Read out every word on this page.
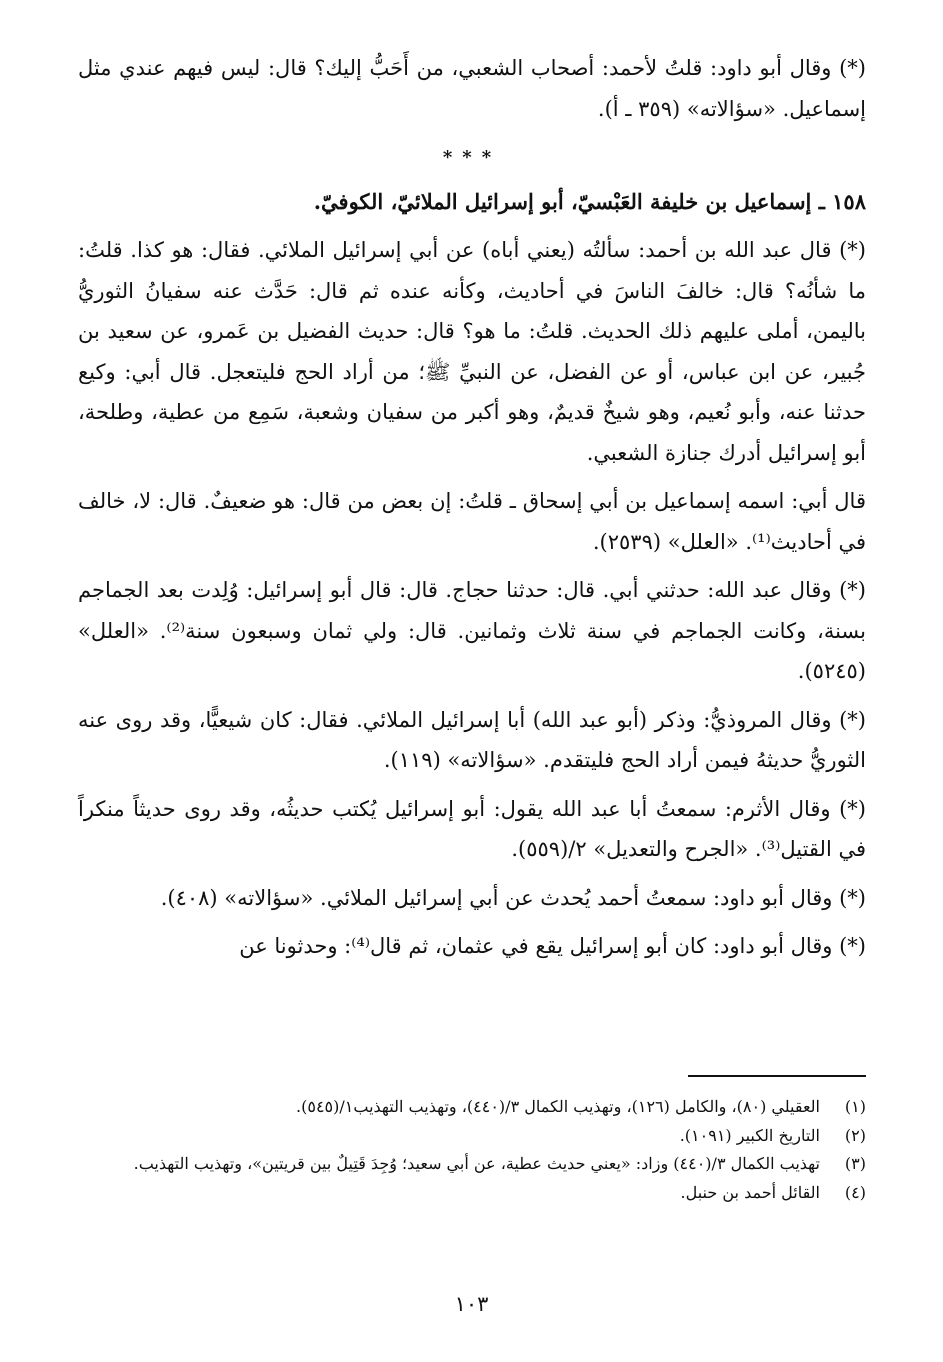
(*) وقال أبو داود: قلتُ لأحمد: أصحاب الشعبي، من أَحَبُّ إليك؟ قال: ليس فيهم عندي مثل إسماعيل. «سؤالاته» (٣٥٩ ـ أ).

***

١٥٨ ـ إسماعيل بن خليفة العَبْسيّ، أبو إسرائيل الملائيّ، الكوفيّ.

(*) قال عبد الله بن أحمد: سألتُه (يعني أباه) عن أبي إسرائيل الملائي. فقال: هو كذا. قلتُ: ما شأنُه؟ قال: خالفَ الناسَ في أحاديث، وكأنه عنده ثم قال: حَدَّث عنه سفيانُ الثوريُّ باليمن، أملى عليهم ذلك الحديث. قلتُ: ما هو؟ قال: حديث الفضيل بن عَمرو، عن سعيد بن جُبير، عن ابن عباس، أو عن الفضل، عن النبيِّ ﷺ؛ من أراد الحج فليتعجل. قال أبي: وكيع حدثنا عنه، وأبو نُعيم، وهو شيخٌ قديمٌ، وهو أكبر من سفيان وشعبة، سَمِع من عطية، وطلحة، أبو إسرائيل أدرك جنازة الشعبي.

قال أبي: اسمه إسماعيل بن أبي إسحاق ـ قلتُ: إن بعض من قال: هو ضعيفٌ. قال: لا، خالف في أحاديث⁽¹⁾. «العلل» (٢٥٣٩).

(*) وقال عبد الله: حدثني أبي. قال: حدثنا حجاج. قال: قال أبو إسرائيل: وُلِدت بعد الجماجم بسنة، وكانت الجماجم في سنة ثلاث وثمانين. قال: ولي ثمان وسبعون سنة⁽²⁾. «العلل» (٥٢٤٥).

(*) وقال المروذيُّ: وذكر (أبو عبد الله) أبا إسرائيل الملائي. فقال: كان شيعيًّا، وقد روى عنه الثوريُّ حديثهُ فيمن أراد الحج فليتقدم. «سؤالاته» (١١٩).

(*) وقال الأثرم: سمعتُ أبا عبد الله يقول: أبو إسرائيل يُكتب حديثُه، وقد روى حديثاً منكراً في القتيل⁽³⁾. «الجرح والتعديل» ٢/(٥٥٩).

(*) وقال أبو داود: سمعتُ أحمد يُحدث عن أبي إسرائيل الملائي. «سؤالاته» (٤٠٨).

(*) وقال أبو داود: كان أبو إسرائيل يقع في عثمان، ثم قال⁽⁴⁾: وحدثونا عن

(١)
العقيلي (٨٠)، والكامل (١٢٦)، وتهذيب الكمال ٣/(٤٤٠)، وتهذيب التهذيب١/(٥٤٥).
(٢)
التاريخ الكبير (١٠٩١).
(٣)
تهذيب الكمال ٣/(٤٤٠) وزاد: «يعني حديث عطية، عن أبي سعيد؛ وُجِدَ قَتِيلٌ بين قريتين»، وتهذيب التهذيب.
(٤)
القائل أحمد بن حنبل.
١٠٣
